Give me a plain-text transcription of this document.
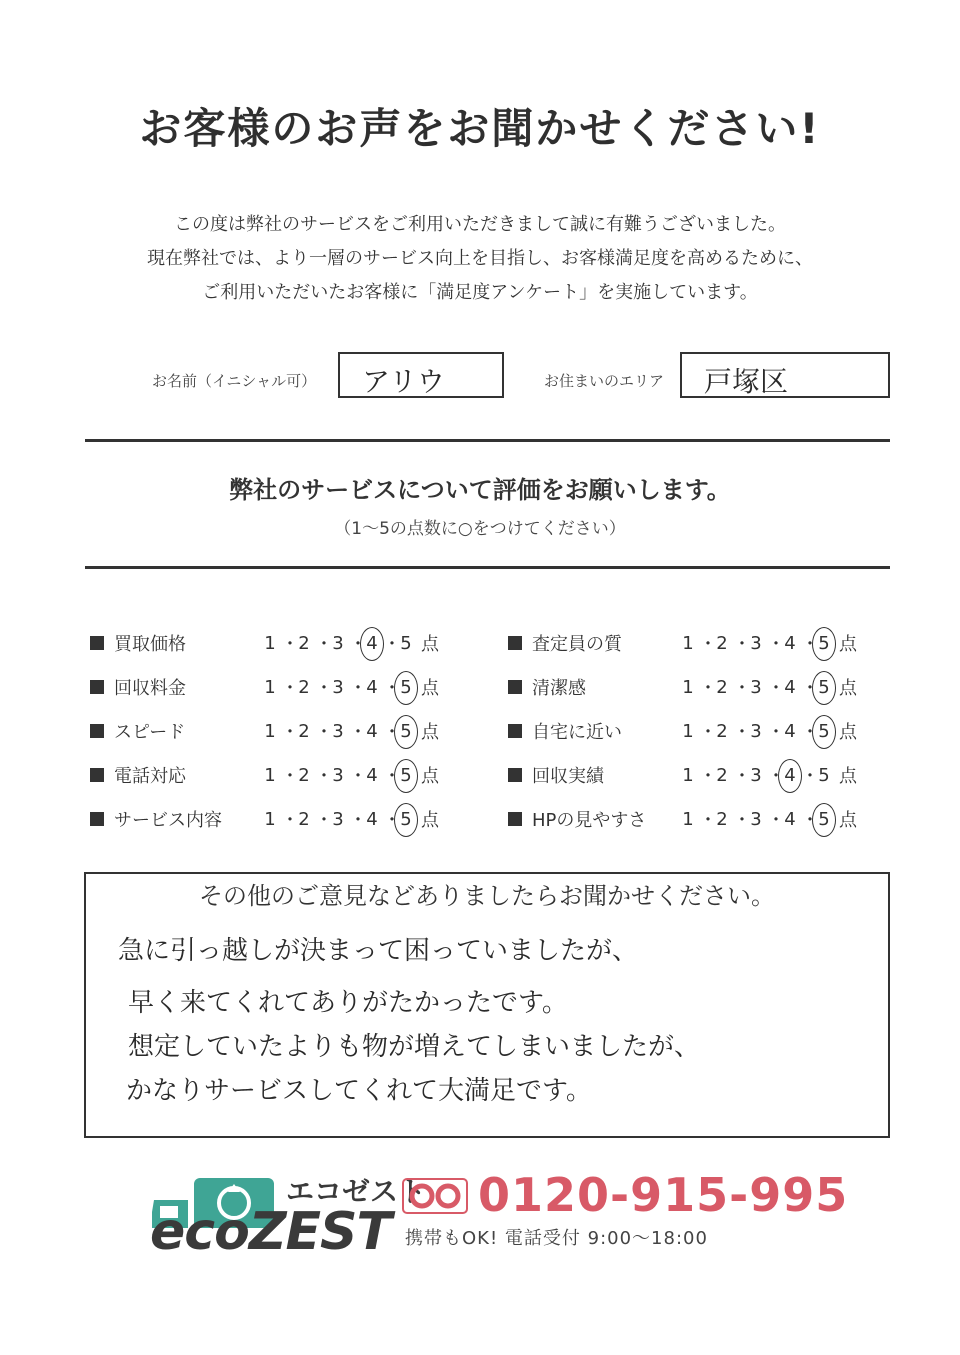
お客様のお声をお聞かせください!
この度は弊社のサービスをご利用いただきまして誠に有難うございました。
現在弊社では、より一層のサービス向上を目指し、お客様満足度を高めるために、
ご利用いただいたお客様に「満足度アンケート」を実施しています。
お名前（イニシャル可） アリウ	お住まいのエリア 戸塚区
弊社のサービスについて評価をお願いします。
（1～5の点数に○をつけてください）
買取価格	1 ・ 2 ・ 3 ・ 4 ・ 5 点
回収料金	1 ・ 2 ・ 3 ・ 4 ・ 5 点
スピード	1 ・ 2 ・ 3 ・ 4 ・ 5 点
電話対応	1 ・ 2 ・ 3 ・ 4 ・ 5 点
サービス内容	1 ・ 2 ・ 3 ・ 4 ・ 5 点
査定員の質	1 ・ 2 ・ 3 ・ 4 ・ 5 点
清潔感	1 ・ 2 ・ 3 ・ 4 ・ 5 点
自宅に近い	1 ・ 2 ・ 3 ・ 4 ・ 5 点
回収実績	1 ・ 2 ・ 3 ・ 4 ・ 5 点
HPの見やすさ	1 ・ 2 ・ 3 ・ 4 ・ 5 点
その他のご意見などありましたらお聞かせください。
急に引っ越しが決まって困っていましたが、
早く来てくれてありがたかったです。
想定していたよりも物が増えてしまいましたが、
かなりサービスしてくれて大満足です。
エコゼスト
ecoZEST
0120-915-995
携帯もOK! 電話受付 9:00～18:00
